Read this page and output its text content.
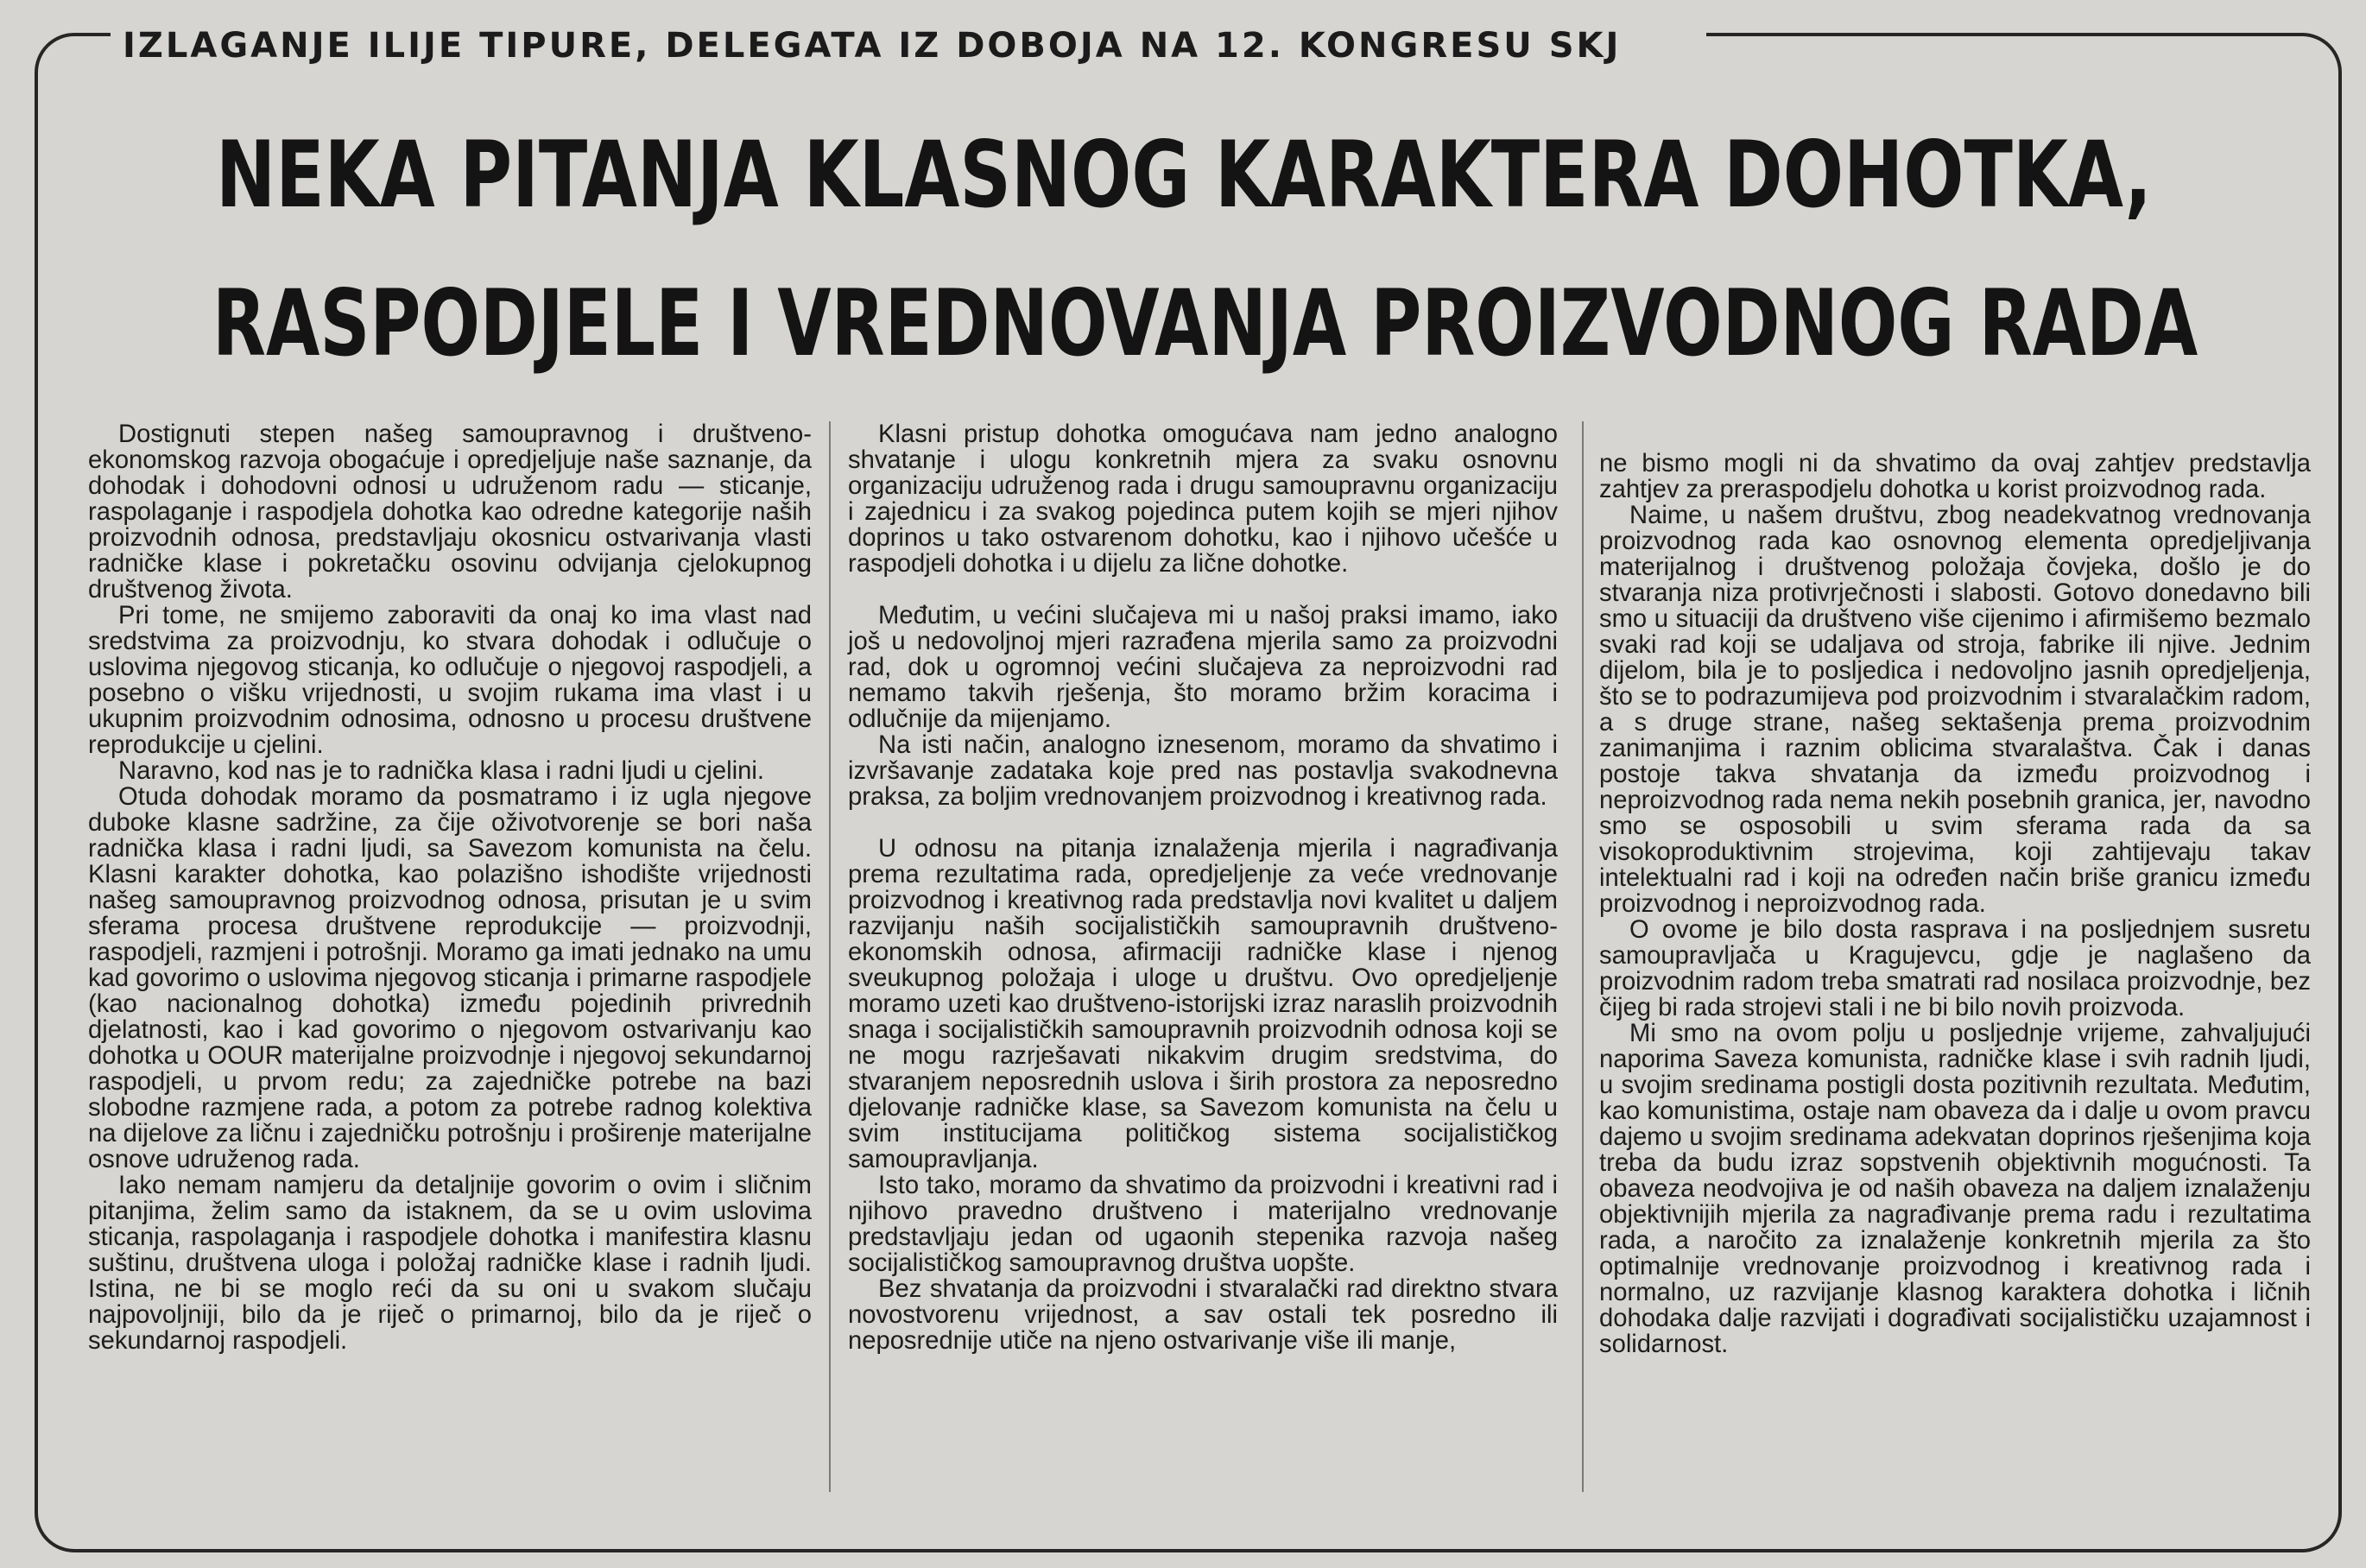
IZLAGANJE ILIJE TIPURE, DELEGATA IZ DOBOJA NA 12. KONGRESU SKJ
NEKA PITANJA KLASNOG KARAKTERA DOHOTKA,
RASPODJELE I VREDNOVANJA PROIZVODNOG RADA

Dostignuti stepen našeg samoupravnog i društveno-ekonomskog razvoja obogaćuje i opredjeljuje naše saznanje, da dohodak i dohodovni odnosi u udruženom radu — sticanje, raspolaganje i raspodjela dohotka kao odredne kategorije naših proizvodnih odnosa, predstavljaju okosnicu ostvarivanja vlasti radničke klase i pokretačku osovinu odvijanja cjelokupnog društvenog života.

Pri tome, ne smijemo zaboraviti da onaj ko ima vlast nad sredstvima za proizvodnju, ko stvara dohodak i odlučuje o uslovima njegovog sticanja, ko odlučuje o njegovoj raspodjeli, a posebno o višku vrijednosti, u svojim rukama ima vlast i u ukupnim proizvodnim odnosima, odnosno u procesu društvene reprodukcije u cjelini.

Naravno, kod nas je to radnička klasa i radni ljudi u cjelini.

Otuda dohodak moramo da posmatramo i iz ugla njegove duboke klasne sadržine, za čije oživotvorenje se bori naša radnička klasa i radni ljudi, sa Savezom komunista na čelu. Klasni karakter dohotka, kao polazišno ishodište vrijednosti našeg samoupravnog proizvodnog odnosa, prisutan je u svim sferama procesa društvene reprodukcije — proizvodnji, raspodjeli, razmjeni i potrošnji. Moramo ga imati jednako na umu kad govorimo o uslovima njegovog sticanja i primarne raspodjele (kao nacionalnog dohotka) između pojedinih privrednih djelatnosti, kao i kad govorimo o njegovom ostvarivanju kao dohotka u OOUR materijalne proizvodnje i njegovoj sekundarnoj raspodjeli, u prvom redu; za zajedničke potrebe na bazi slobodne razmjene rada, a potom za potrebe radnog kolektiva na dijelove za ličnu i zajedničku potrošnju i proširenje materijalne osnove udruženog rada.

Iako nemam namjeru da detaljnije govorim o ovim i sličnim pitanjima, želim samo da istaknem, da se u ovim uslovima sticanja, raspolaganja i raspodjele dohotka i manifestira klasnu suštinu, društvena uloga i položaj radničke klase i radnih ljudi. Istina, ne bi se moglo reći da su oni u svakom slučaju najpovoljniji, bilo da je riječ o primarnoj, bilo da je riječ o sekundarnoj raspodjeli.

Klasni pristup dohotka omogućava nam jedno analogno shvatanje i ulogu konkretnih mjera za svaku osnovnu organizaciju udruženog rada i drugu samoupravnu organizaciju i zajednicu i za svakog pojedinca putem kojih se mjeri njihov doprinos u tako ostvarenom dohotku, kao i njihovo učešće u raspodjeli dohotka i u dijelu za lične dohotke.

Međutim, u većini slučajeva mi u našoj praksi imamo, iako još u nedovoljnoj mjeri razrađena mjerila samo za proizvodni rad, dok u ogromnoj većini slučajeva za neproizvodni rad nemamo takvih rješenja, što moramo bržim koracima i odlučnije da mijenjamo.

Na isti način, analogno iznesenom, moramo da shvatimo i izvršavanje zadataka koje pred nas postavlja svakodnevna praksa, za boljim vrednovanjem proizvodnog i kreativnog rada.

U odnosu na pitanja iznalaženja mjerila i nagrađivanja prema rezultatima rada, opredjeljenje za veće vrednovanje proizvodnog i kreativnog rada predstavlja novi kvalitet u daljem razvijanju naših socijalističkih samoupravnih društveno-ekonomskih odnosa, afirmaciji radničke klase i njenog sveukupnog položaja i uloge u društvu. Ovo opredjeljenje moramo uzeti kao društveno-istorijski izraz naraslih proizvodnih snaga i socijalističkih samoupravnih proizvodnih odnosa koji se ne mogu razrješavati nikakvim drugim sredstvima, do stvaranjem neposrednih uslova i širih prostora za neposredno djelovanje radničke klase, sa Savezom komunista na čelu u svim institucijama političkog sistema socijalističkog samoupravljanja.

Isto tako, moramo da shvatimo da proizvodni i kreativni rad i njihovo pravedno društveno i materijalno vrednovanje predstavljaju jedan od ugaonih stepenika razvoja našeg socijalističkog samoupravnog društva uopšte.

Bez shvatanja da proizvodni i stvaralački rad direktno stvara novostvorenu vrijednost, a sav ostali tek posredno ili neposrednije utiče na njeno ostvarivanje više ili manje,

ne bismo mogli ni da shvatimo da ovaj zahtjev predstavlja zahtjev za preraspodjelu dohotka u korist proizvodnog rada.

Naime, u našem društvu, zbog neadekvatnog vrednovanja proizvodnog rada kao osnovnog elementa opredjeljivanja materijalnog i društvenog položaja čovjeka, došlo je do stvaranja niza protivrječnosti i slabosti. Gotovo donedavno bili smo u situaciji da društveno više cijenimo i afirmišemo bezmalo svaki rad koji se udaljava od stroja, fabrike ili njive. Jednim dijelom, bila je to posljedica i nedovoljno jasnih opredjeljenja, što se to podrazumijeva pod proizvodnim i stvaralačkim radom, a s druge strane, našeg sektašenja prema proizvodnim zanimanjima i raznim oblicima stvaralaštva. Čak i danas postoje takva shvatanja da između proizvodnog i neproizvodnog rada nema nekih posebnih granica, jer, navodno smo se osposobili u svim sferama rada da sa visokoproduktivnim strojevima, koji zahtijevaju takav intelektualni rad i koji na određen način briše granicu između proizvodnog i neproizvodnog rada.

O ovome je bilo dosta rasprava i na posljednjem susretu samoupravljača u Kragujevcu, gdje je naglašeno da proizvodnim radom treba smatrati rad nosilaca proizvodnje, bez čijeg bi rada strojevi stali i ne bi bilo novih proizvoda.

Mi smo na ovom polju u posljednje vrijeme, zahvaljujući naporima Saveza komunista, radničke klase i svih radnih ljudi, u svojim sredinama postigli dosta pozitivnih rezultata. Međutim, kao komunistima, ostaje nam obaveza da i dalje u ovom pravcu dajemo u svojim sredinama adekvatan doprinos rješenjima koja treba da budu izraz sopstvenih objektivnih mogućnosti. Ta obaveza neodvojiva je od naših obaveza na daljem iznalaženju objektivnijih mjerila za nagrađivanje prema radu i rezultatima rada, a naročito za iznalaženje konkretnih mjerila za što optimalnije vrednovanje proizvodnog i kreativnog rada i normalno, uz razvijanje klasnog karaktera dohotka i ličnih dohodaka dalje razvijati i dograđivati socijalističku uzajamnost i solidarnost.
